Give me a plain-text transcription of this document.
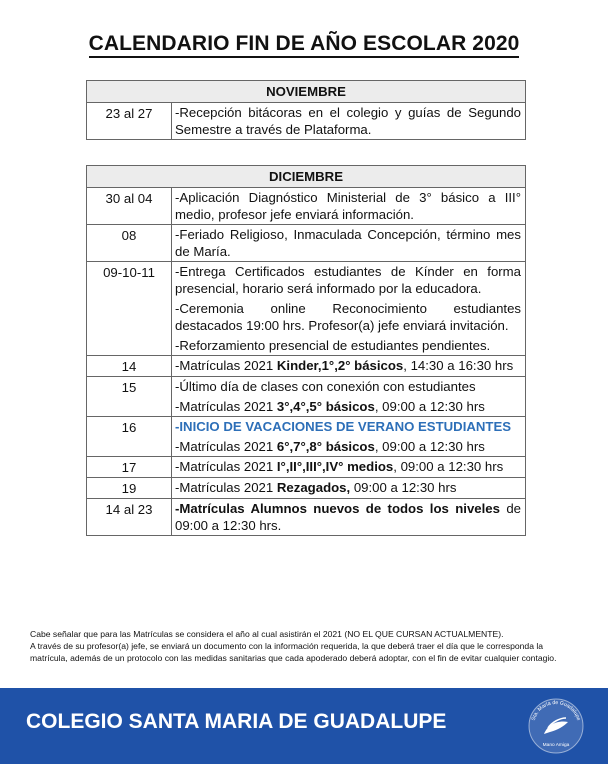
CALENDARIO FIN DE AÑO ESCOLAR 2020
NOVIEMBRE
23 al 27	-Recepción bitácoras en el colegio y guías de Segundo Semestre a través de Plataforma.
DICIEMBRE	
30 al 04	-Aplicación Diagnóstico Ministerial de 3° básico a III° medio, profesor jefe enviará información.

08	-Feriado Religioso, Inmaculada Concepción, término mes de María.

09-10-11	-Entrega Certificados estudiantes de Kínder en forma presencial, horario será informado por la educadora.
-Ceremonia online Reconocimiento estudiantes destacados 19:00 hrs. Profesor(a) jefe enviará invitación.
-Reforzamiento presencial de estudiantes pendientes.

14	-Matrículas 2021 Kinder,1°,2° básicos, 14:30 a 16:30 hrs

15	-Último día de clases con conexión con estudiantes
-Matrículas 2021 3°,4°,5° básicos, 09:00 a 12:30 hrs

16	-INICIO DE VACACIONES DE VERANO ESTUDIANTES
-Matrículas 2021 6°,7°,8° básicos, 09:00 a 12:30 hrs

17	-Matrículas 2021 I°,II°,III°,IV° medios, 09:00 a 12:30 hrs

19	-Matrículas 2021 Rezagados, 09:00 a 12:30 hrs

14 al 23	-Matrículas Alumnos nuevos de todos los niveles de 09:00 a 12:30 hrs.

Cabe señalar que para las Matrículas se considera el año al cual asistirán el 2021 (NO EL QUE CURSAN ACTUALMENTE).

A través de su profesor(a) jefe, se enviará un documento con la información requerida, la que deberá traer el día que le corresponda la matrícula, además de un protocolo con las medidas sanitarias que cada apoderado deberá adoptar, con el fin de evitar cualquier contagio.

COLEGIO SANTA MARIA DE GUADALUPE	Sta. María de Guadalupe
Mano Amiga
